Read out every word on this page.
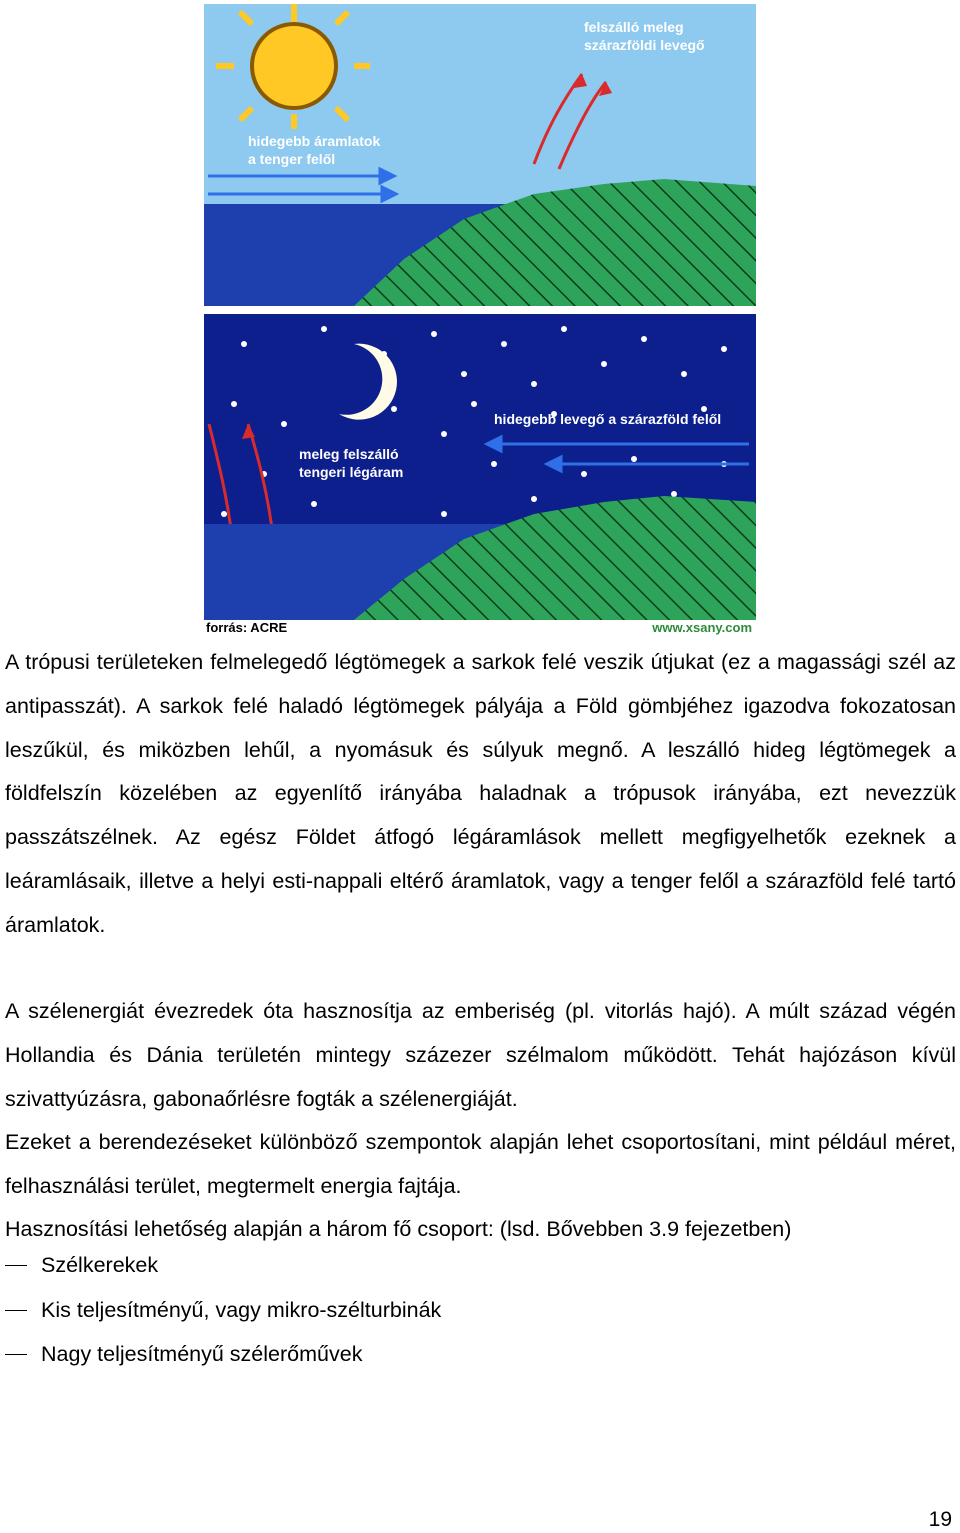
hidegebb áramlatok
a tenger felől
felszálló meleg
szárazföldi levegő
hidegebb levegő a szárazföld felől
meleg felszálló
tengeri légáram
forrás: ACRE	www.xsany.com

A trópusi területeken felmelegedő légtömegek a sarkok felé veszik útjukat (ez a magassági szél az antipasszát). A sarkok felé haladó légtömegek pályája a Föld gömbjéhez igazodva fokozatosan leszűkül, és miközben lehűl, a nyomásuk és súlyuk megnő. A leszálló hideg légtömegek a földfelszín közelében az egyenlítő irányába haladnak a trópusok irányába, ezt nevezzük passzátszélnek. Az egész Földet átfogó légáramlások mellett megfigyelhetők ezeknek a leáramlásaik, illetve a helyi esti-nappali eltérő áramlatok, vagy a tenger felől a szárazföld felé tartó áramlatok.

A szélenergiát évezredek óta hasznosítja az emberiség (pl. vitorlás hajó). A múlt század végén Hollandia és Dánia területén mintegy százezer szélmalom működött. Tehát hajózáson kívül szivattyúzásra, gabonaőrlésre fogták a szélenergiáját.

Ezeket a berendezéseket különböző szempontok alapján lehet csoportosítani, mint például méret, felhasználási terület, megtermelt energia fajtája.

Hasznosítási lehetőség alapján a három fő csoport: (lsd. Bővebben 3.9 fejezetben)

Szélkerekek
Kis teljesítményű, vagy mikro-szélturbinák
Nagy teljesítményű szélerőművek
19
